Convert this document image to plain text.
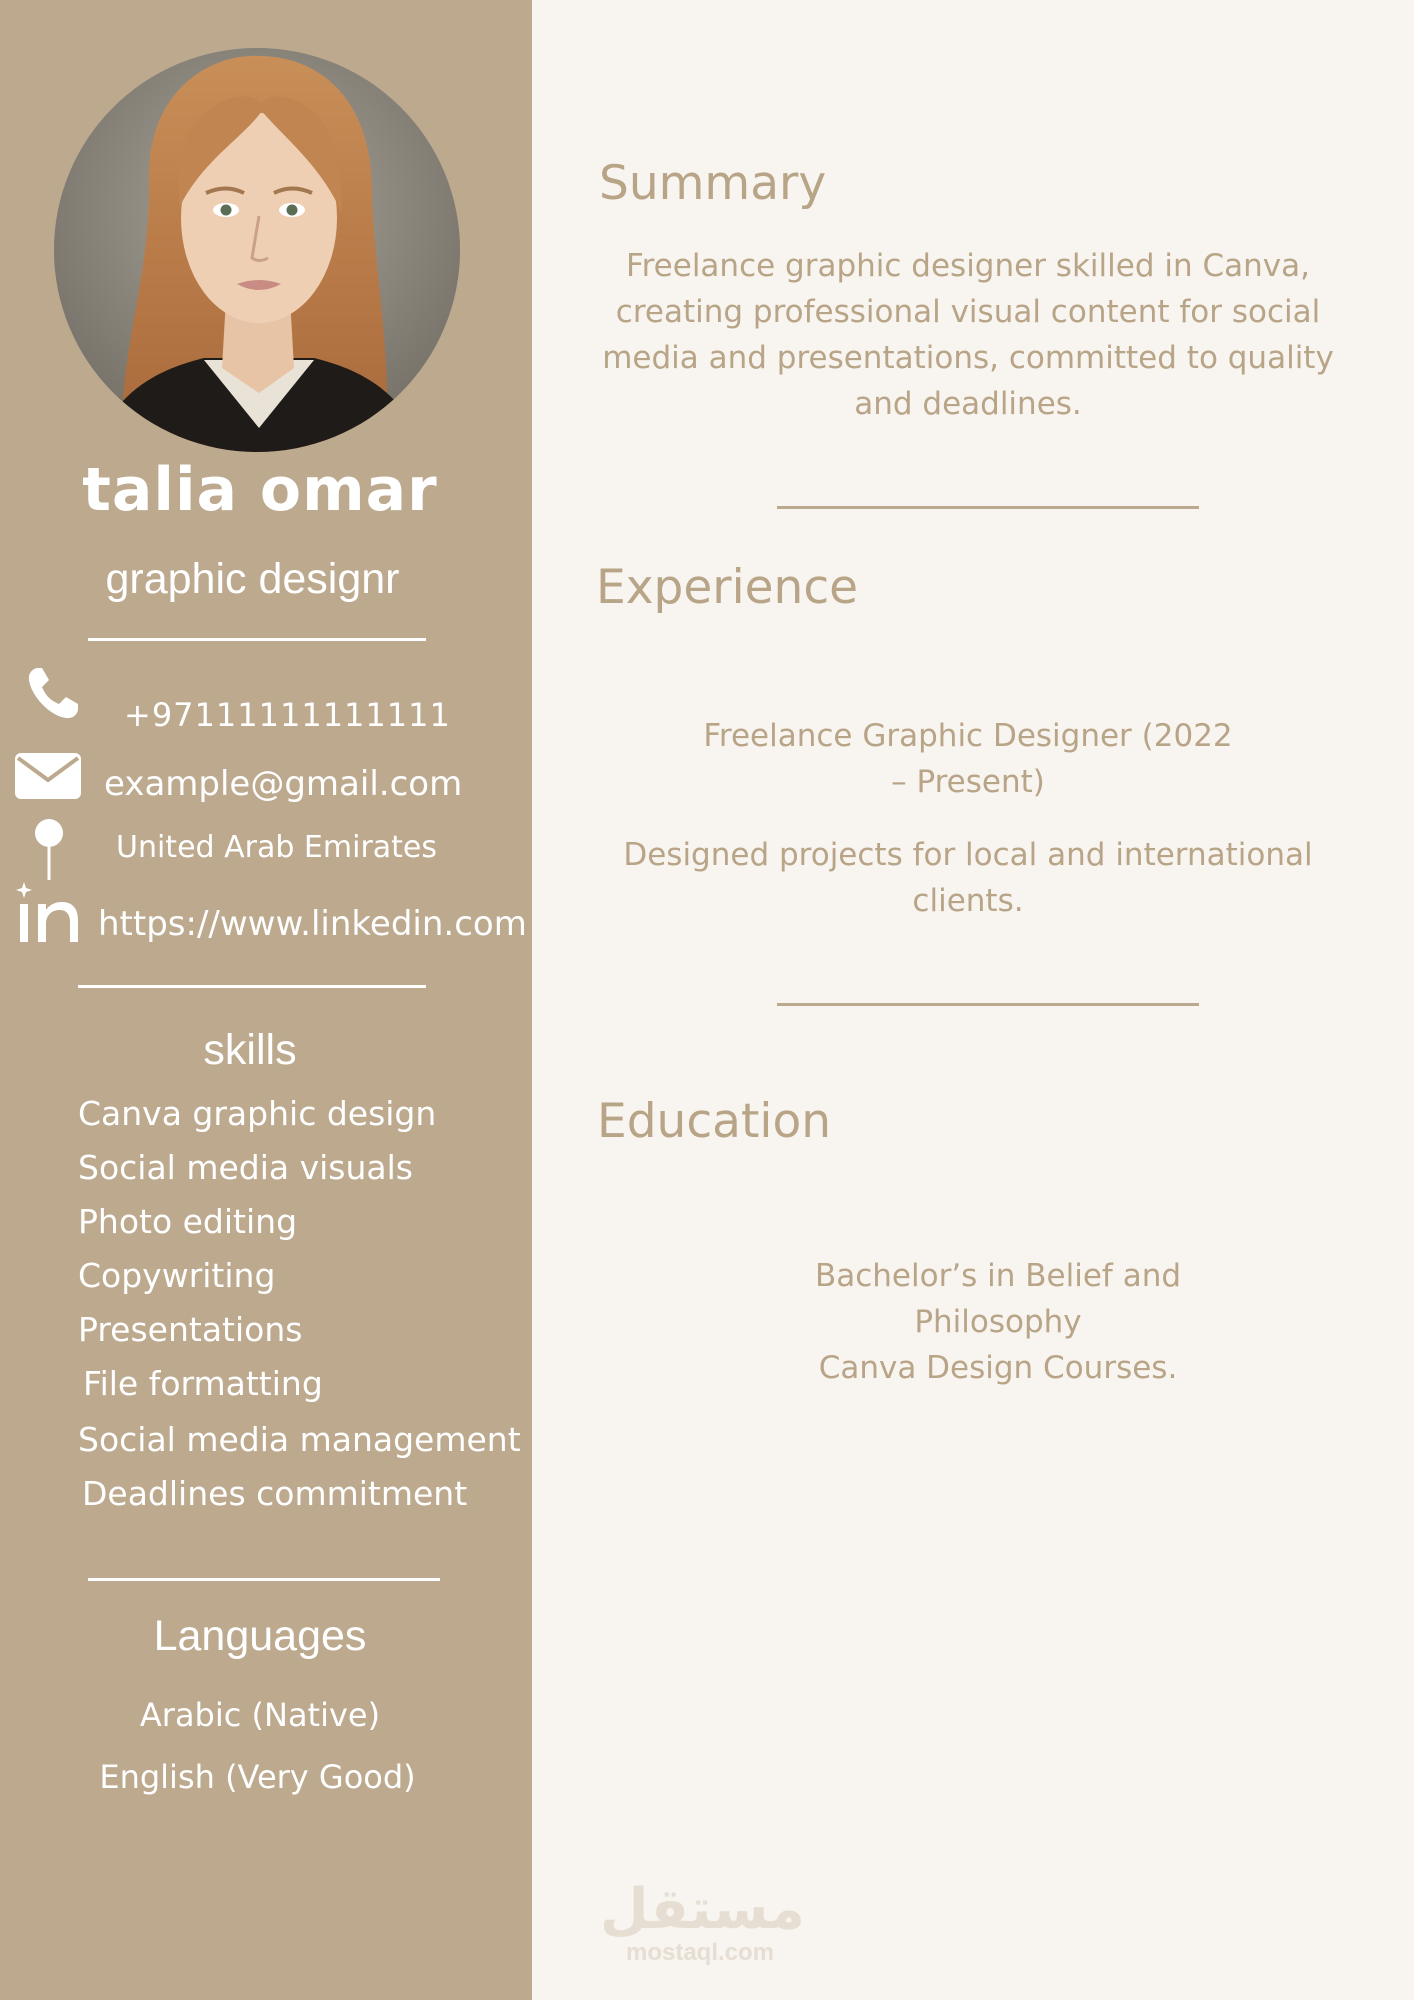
talia omar
graphic designr
+97111111111111
example@gmail.com
United Arab Emirates
https://www.linkedin.com
skills
Canva graphic design
Social media visuals
Photo editing
Copywriting
Presentations
File formatting
Social media management
Deadlines commitment
Languages
Arabic (Native)
English (Very Good)
Summary
Freelance graphic designer skilled in Canva, creating professional visual content for social media and presentations, committed to quality and deadlines.
Experience
Freelance Graphic Designer (2022
– Present)
Designed projects for local and international
clients.
Education
Bachelor’s in Belief and
Philosophy
Canva Design Courses.
مستقل
mostaql.com
